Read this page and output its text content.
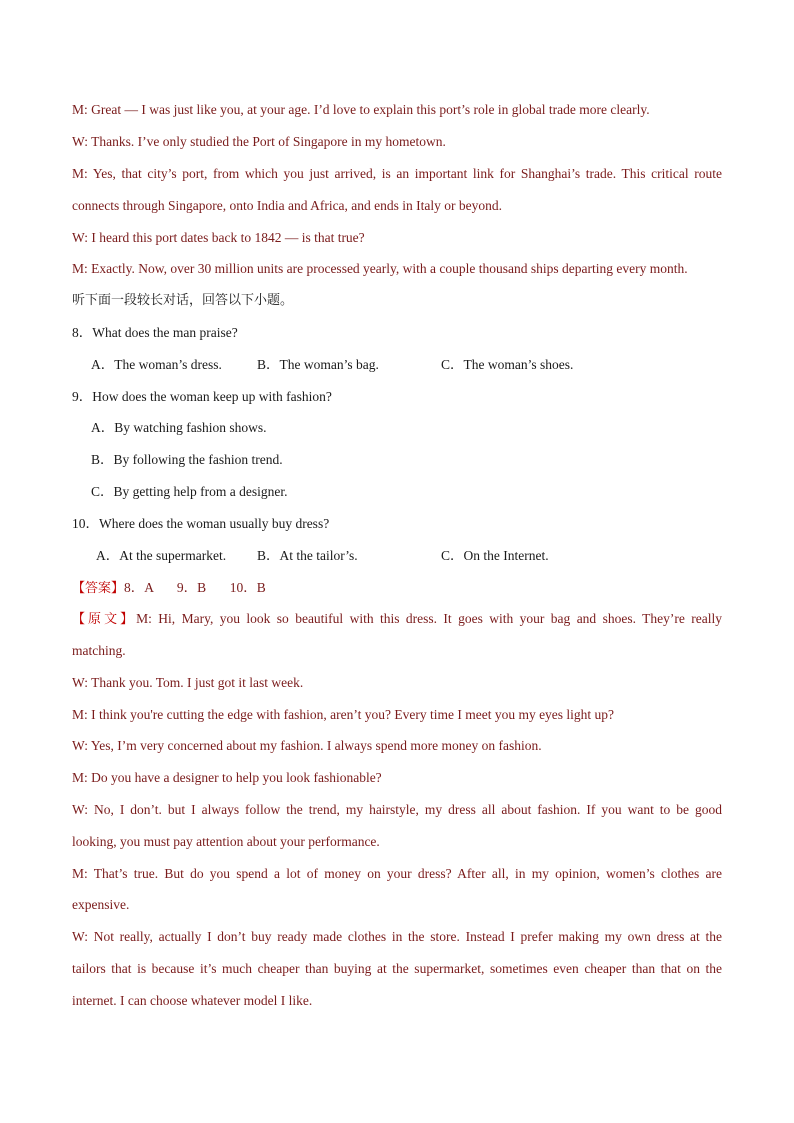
M: Great — I was just like you, at your age. I’d love to explain this port’s role in global trade more clearly.
W: Thanks. I’ve only studied the Port of Singapore in my hometown.
M: Yes, that city’s port, from which you just arrived, is an important link for Shanghai’s trade. This critical route
connects through Singapore, onto India and Africa, and ends in Italy or beyond.
W: I heard this port dates back to 1842 — is that true?
M: Exactly. Now, over 30 million units are processed yearly, with a couple thousand ships departing every month.
听下面一段较长对话，回答以下小题。
8．What does the man praise?
A．The woman’s dress.	B．The woman’s bag.	C．The woman’s shoes.
9．How does the woman keep up with fashion?
A．By watching fashion shows.
B．By following the fashion trend.
C．By getting help from a designer.
10．Where does the woman usually buy dress?
A．At the supermarket. B．At the tailor’s.	C．On the Internet.
【答案】8．A       9．B       10．B
【原文】M: Hi, Mary, you look so beautiful with this dress. It goes with your bag and shoes. They’re really
matching.
W: Thank you. Tom. I just got it last week.
M: I think you're cutting the edge with fashion, aren’t you? Every time I meet you my eyes light up?
W: Yes, I’m very concerned about my fashion. I always spend more money on fashion.
M: Do you have a designer to help you look fashionable?
W: No, I don’t. but I always follow the trend, my hairstyle, my dress all about fashion. If you want to be good
looking, you must pay attention about your performance.
M: That’s true. But do you spend a lot of money on your dress? After all, in my opinion, women’s clothes are
expensive.
W: Not really, actually I don’t buy ready made clothes in the store. Instead I prefer making my own dress at the
tailors that is because it’s much cheaper than buying at the supermarket, sometimes even cheaper than that on the
internet. I can choose whatever model I like.
